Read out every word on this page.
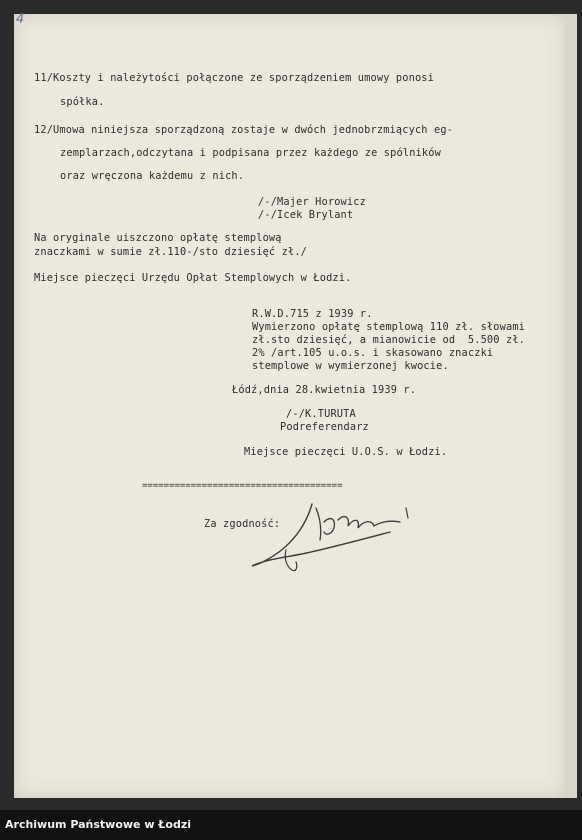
4
11/Koszty i należytości połączone ze sporządzeniem umowy ponosi
spółka.
12/Umowa niniejsza sporządzoną zostaje w dwóch jednobrzmiących eg-
zemplarzach,odczytana i podpisana przez każdego ze spólników
oraz wręczona każdemu z nich.
/-/Majer Horowicz
/-/Icek Brylant
Na oryginale uiszczono opłatę stemplową
znaczkami w sumie zł.110-/sto dziesięć zł./
Miejsce pieczęci Urzędu Opłat Stemplowych w Łodzi.
R.W.D.715 z 1939 r.
Wymierzono opłatę stemplową 110 zł. słowami
zł.sto dziesięć, a mianowicie od  5.500 zł.
2% /art.105 u.o.s. i skasowano znaczki
stemplowe w wymierzonej kwocie.
Łódź,dnia 28.kwietnia 1939 r.
/-/K.TURUTA
Podreferendarz
Miejsce pieczęci U.O.S. w Łodzi.
=====================================
Za zgodność:
Archiwum Państwowe w Łodzi
